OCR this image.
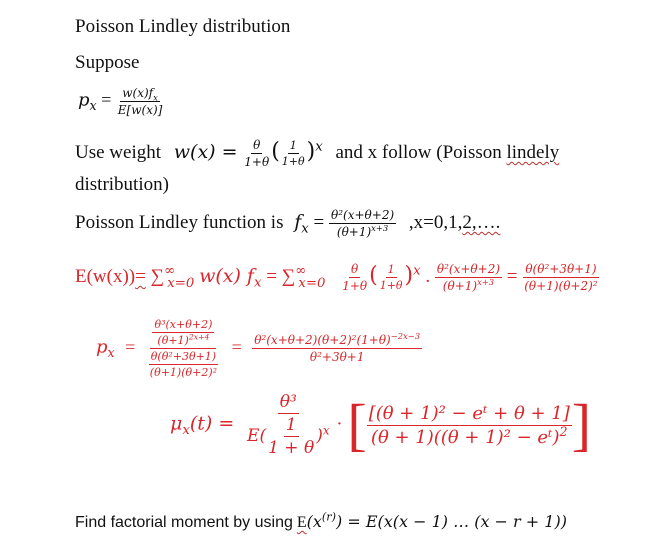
Poisson Lindley distribution
Suppose
$p_x = \frac{w(x)f_x}{E[w(x)]}$
Use weight $w(x) = \frac{\theta}{1+\theta}$ ( $\frac{1}{1+\theta} )^x$ and x follow (Poisson lindely
distribution)
Poisson Lindley function is $f_x = \frac{\text{θ²(x+θ+2)}}{(\theta+1)^{x+3}}$ ,x=0,1,2,….
$E(w(x))= \sum^\infty_{x=0}$ w(x) $f_x = \sum^\infty_{x=0} \frac{\theta}{1+\theta}$ ( $\frac{1}{1+\theta} )^x$ . $\frac{\text{θ²(x+θ+2)}}{(\theta+1)^{x+3}} = \frac{\text{θ(θ²+3θ+1)}}{\text{(θ+1)(θ+2)²}}$
$p_x = \frac{\frac{\text{θ³(x+θ+2)}}{(\theta+1)^{2x+4}}}{\frac{\text{θ(θ²+3θ+1)}}{\text{(θ+1)(θ+2)²}}} = \frac{\theta^2(x+\theta+2)(\theta+2)^2(1+\theta)^{-2x-3}}{\text{θ²+3θ+1}}$
$\mu_x(t) = \frac{\text{θ³}}{E( \frac{1}{1 + \theta} )^x}$ · [ $\frac{\text{[(θ + 1)² − eᵗ + θ + 1]}}{(\theta + 1)((\theta + 1)^2 - eᵗ)^2}$ ]
Find factorial moment by using $E(x^{(r)}) = E(x(x - 1)$ … (x − r + 1))
